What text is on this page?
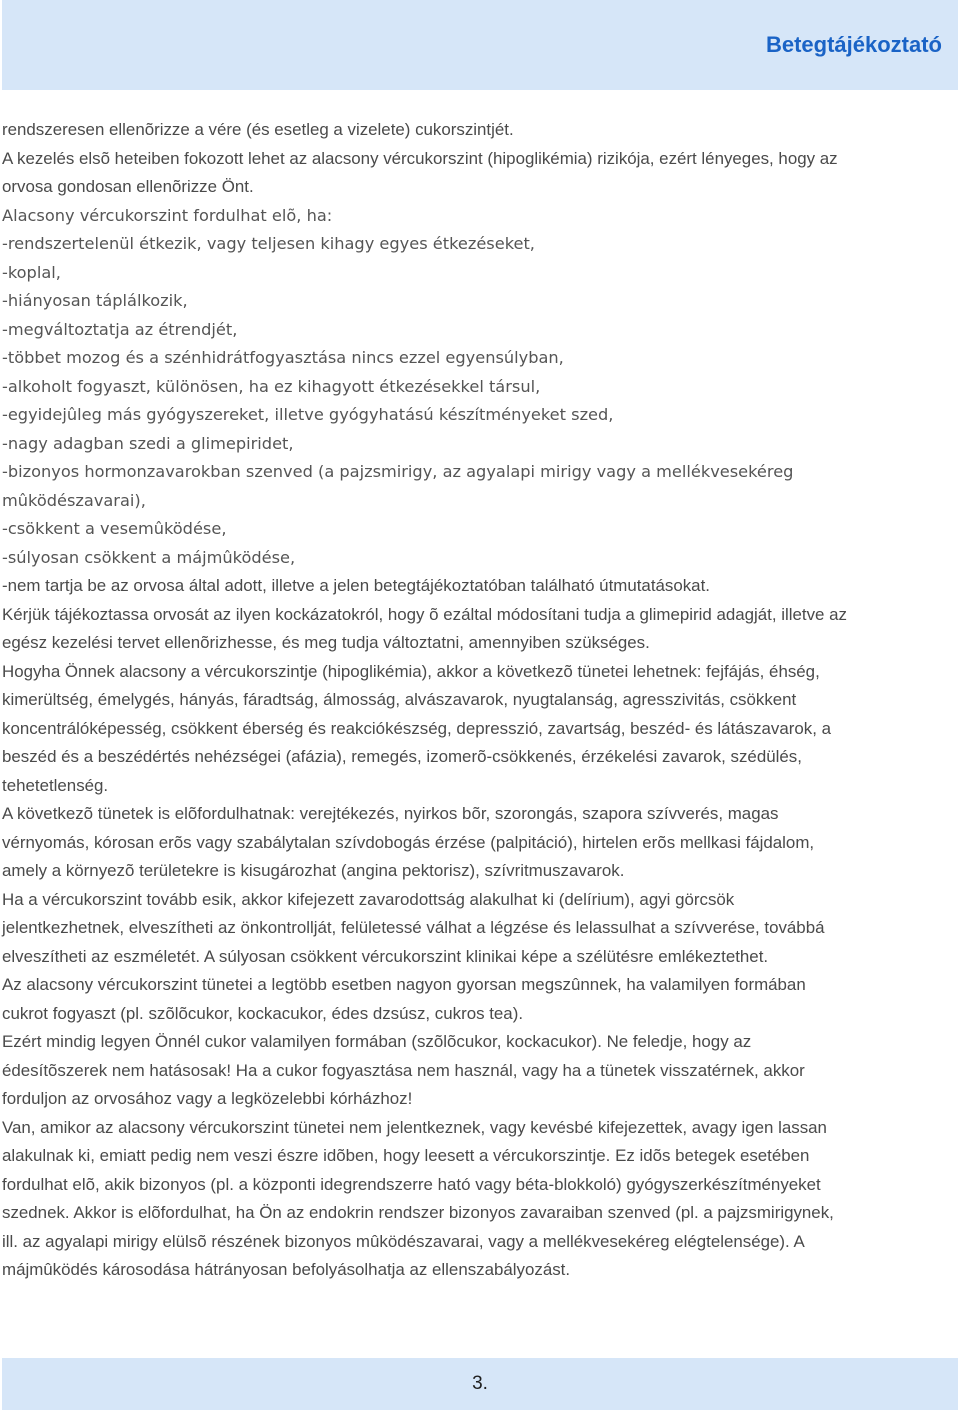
Betegtájékoztató

rendszeresen ellenõrizze a vére (és esetleg a vizelete) cukorszintjét.

A kezelés elsõ heteiben fokozott lehet az alacsony vércukorszint (hipoglikémia) rizikója, ezért lényeges, hogy az

orvosa gondosan ellenõrizze Önt.

Alacsony vércukorszint fordulhat elõ, ha:

-rendszertelenül étkezik, vagy teljesen kihagy egyes étkezéseket,

-koplal,

-hiányosan táplálkozik,

-megváltoztatja az étrendjét,

-többet mozog és a szénhidrátfogyasztása nincs ezzel egyensúlyban,

-alkoholt fogyaszt, különösen, ha ez kihagyott étkezésekkel társul,

-egyidejûleg más gyógyszereket, illetve gyógyhatású készítményeket szed,

-nagy adagban szedi a glimepiridet,

-bizonyos hormonzavarokban szenved (a pajzsmirigy, az agyalapi mirigy vagy a mellékvesekéreg

mûködészavarai),

-csökkent a vesemûködése,

-súlyosan csökkent a májmûködése,

-nem tartja be az orvosa által adott, illetve a jelen betegtájékoztatóban található útmutatásokat.

Kérjük tájékoztassa orvosát az ilyen kockázatokról, hogy õ ezáltal módosítani tudja a glimepirid adagját, illetve az

egész kezelési tervet ellenõrizhesse, és meg tudja változtatni, amennyiben szükséges.

Hogyha Önnek alacsony a vércukorszintje (hipoglikémia), akkor a következõ tünetei lehetnek: fejfájás, éhség,

kimerültség, émelygés, hányás, fáradtság, álmosság, alvászavarok, nyugtalanság, agresszivitás, csökkent

koncentrálóképesség, csökkent éberség és reakciókészség, depresszió, zavartság, beszéd- és látászavarok, a

beszéd és a beszédértés nehézségei (afázia), remegés, izomerõ-csökkenés, érzékelési zavarok, szédülés,

tehetetlenség.

A következõ tünetek is elõfordulhatnak: verejtékezés, nyirkos bõr, szorongás, szapora szívverés, magas

vérnyomás, kórosan erõs vagy szabálytalan szívdobogás érzése (palpitáció), hirtelen erõs mellkasi fájdalom,

amely a környezõ területekre is kisugározhat (angina pektorisz), szívritmuszavarok.

Ha a vércukorszint tovább esik, akkor kifejezett zavarodottság alakulhat ki (delírium), agyi görcsök

jelentkezhetnek, elveszítheti az önkontrollját, felületessé válhat a légzése és lelassulhat a szívverése, továbbá

elveszítheti az eszméletét. A súlyosan csökkent vércukorszint klinikai képe a szélütésre emlékeztethet.

Az alacsony vércukorszint tünetei a legtöbb esetben nagyon gyorsan megszûnnek, ha valamilyen formában

cukrot fogyaszt (pl. szõlõcukor, kockacukor, édes dzsúsz, cukros tea).

Ezért mindig legyen Önnél cukor valamilyen formában (szõlõcukor, kockacukor). Ne feledje, hogy az

édesítõszerek nem hatásosak! Ha a cukor fogyasztása nem használ, vagy ha a tünetek visszatérnek, akkor

forduljon az orvosához vagy a legközelebbi kórházhoz!

Van, amikor az alacsony vércukorszint tünetei nem jelentkeznek, vagy kevésbé kifejezettek, avagy igen lassan

alakulnak ki, emiatt pedig nem veszi észre idõben, hogy leesett a vércukorszintje. Ez idõs betegek esetében

fordulhat elõ, akik bizonyos (pl. a központi idegrendszerre ható vagy béta-blokkoló) gyógyszerkészítményeket

szednek. Akkor is elõfordulhat, ha Ön az endokrin rendszer bizonyos zavaraiban szenved (pl. a pajzsmirigynek,

ill. az agyalapi mirigy elülsõ részének bizonyos mûködészavarai, vagy a mellékvesekéreg elégtelensége). A

májmûködés károsodása hátrányosan befolyásolhatja az ellenszabályozást.

3.
